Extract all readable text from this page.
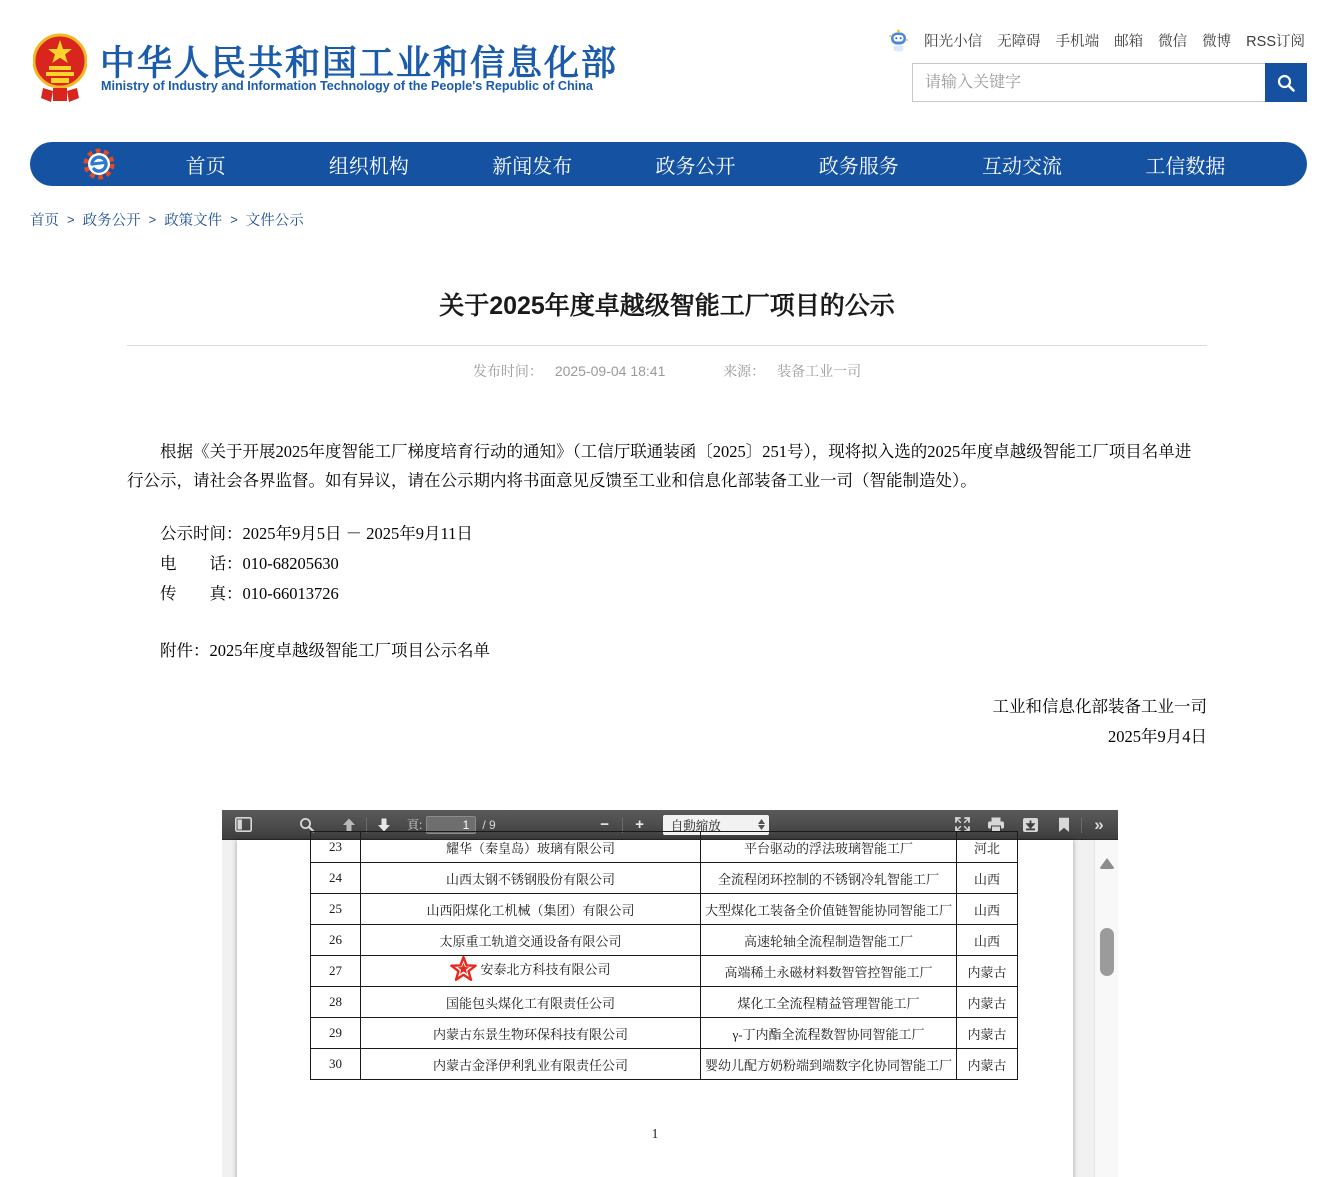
中华人民共和国工业和信息化部
Ministry of Industry and Information Technology of the People's Republic of China
阳光小信 无障碍 手机端 邮箱 微信 微博 RSS订阅
请输入关键字
首页	组织机构	新闻发布	政务公开	政务服务	互动交流	工信数据
首页 > 政务公开 > 政策文件 > 文件公示
关于2025年度卓越级智能工厂项目的公示
发布时间： 2025-09-04 18:41	来源： 装备工业一司

根据《关于开展2025年度智能工厂梯度培育行动的通知》（工信厅联通装函〔2025〕251号），现将拟入选的2025年度卓越级智能工厂项目名单进行公示，请社会各界监督。如有异议，请在公示期内将书面意见反馈至工业和信息化部装备工业一司（智能制造处）。

公示时间：2025年9月5日 － 2025年9月11日

电　　话：010-68205630

传　　真：010-66013726

附件：2025年度卓越级智能工厂项目公示名单

工业和信息化部装备工业一司
2025年9月4日
頁:
1	/ 9	−	+	自動縮放	»
23	耀华（秦皇岛）玻璃有限公司	平台驱动的浮法玻璃智能工厂	河北
24	山西太钢不锈钢股份有限公司	全流程闭环控制的不锈钢冷轧智能工厂	山西
25	山西阳煤化工机械（集团）有限公司	大型煤化工装备全价值链智能协同智能工厂	山西
26	太原重工轨道交通设备有限公司	高速轮轴全流程制造智能工厂	山西
27	安泰北方科技有限公司	高端稀土永磁材料数智管控智能工厂	内蒙古
28	国能包头煤化工有限责任公司	煤化工全流程精益管理智能工厂	内蒙古
29	内蒙古东景生物环保科技有限公司	γ-丁内酯全流程数智协同智能工厂	内蒙古
30	内蒙古金泽伊利乳业有限责任公司	婴幼儿配方奶粉端到端数字化协同智能工厂	内蒙古
1
